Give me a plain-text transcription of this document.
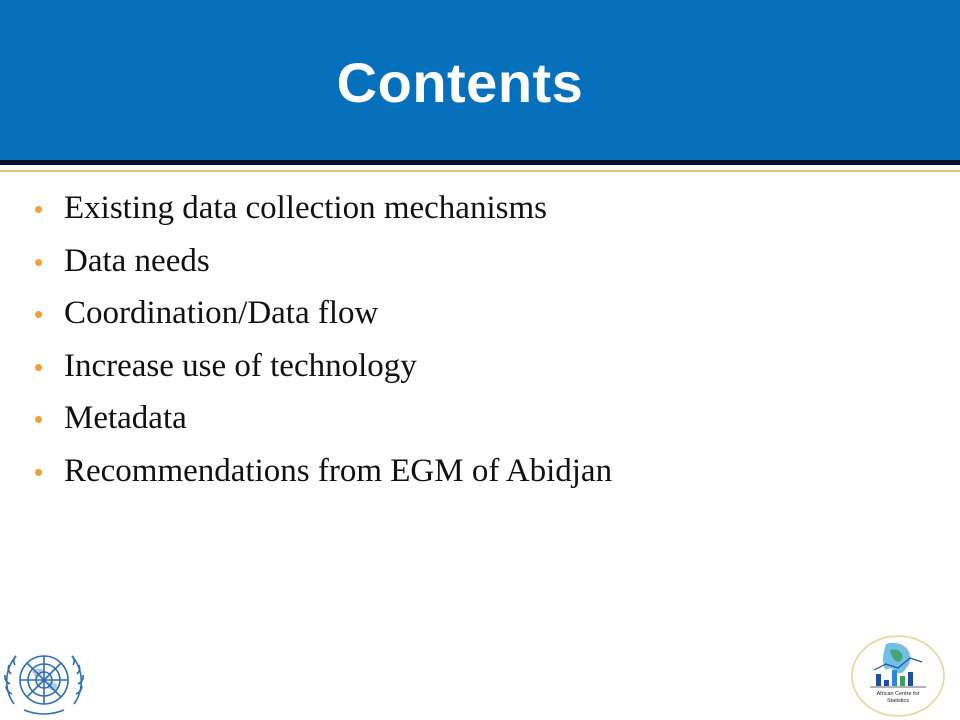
Contents
• Existing data collection mechanisms
• Data needs
• Coordination/Data flow
• Increase use of technology
• Metadata
• Recommendations from EGM of Abidjan
African Centre for
Statistics
